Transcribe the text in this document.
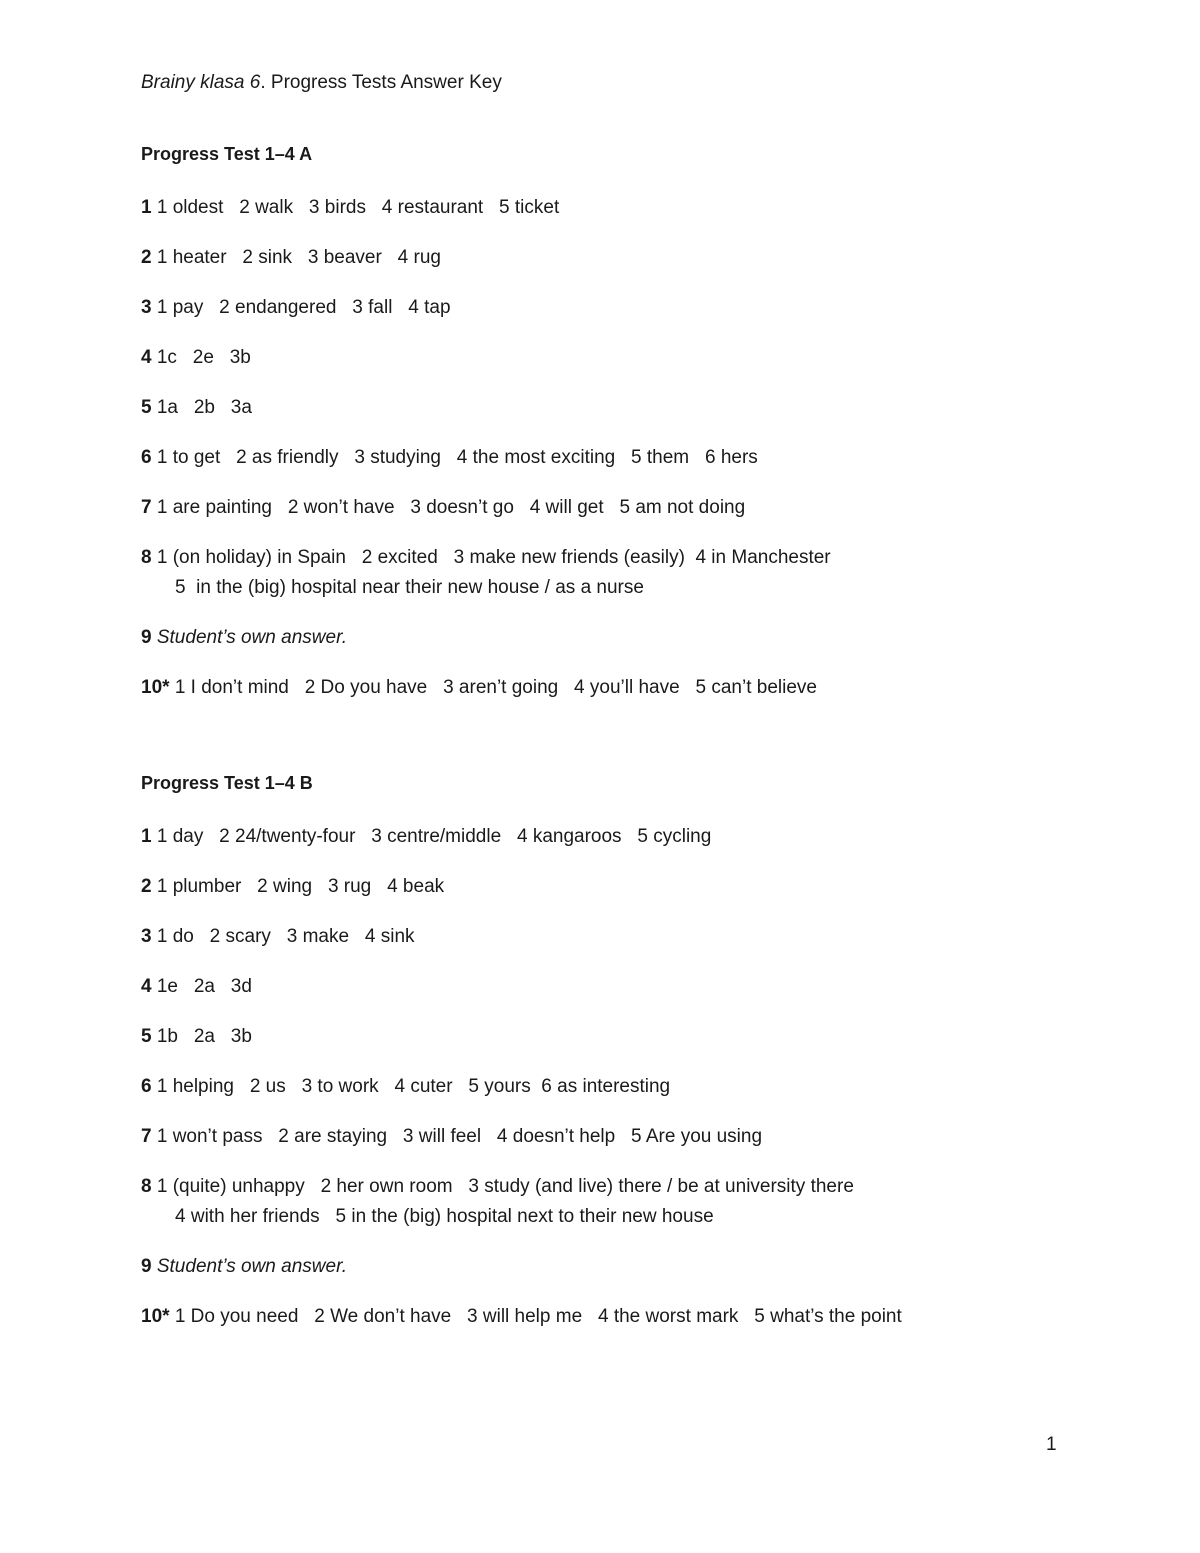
Brainy klasa 6. Progress Tests Answer Key
Progress Test 1–4 A
1 1 oldest   2 walk   3 birds   4 restaurant   5 ticket
2 1 heater   2 sink   3 beaver   4 rug
3 1 pay   2 endangered   3 fall   4 tap
4 1c   2e   3b
5 1a   2b   3a
6 1 to get   2 as friendly   3 studying   4 the most exciting   5 them   6 hers
7 1 are painting   2 won’t have   3 doesn’t go   4 will get   5 am not doing
8 1 (on holiday) in Spain   2 excited   3 make new friends (easily)  4 in Manchester
5  in the (big) hospital near their new house / as a nurse
9 Student’s own answer.
10* 1 I don’t mind   2 Do you have   3 aren’t going   4 you’ll have   5 can’t believe
Progress Test 1–4 B
1 1 day   2 24/twenty-four   3 centre/middle   4 kangaroos   5 cycling
2 1 plumber   2 wing   3 rug   4 beak
3 1 do   2 scary   3 make   4 sink
4 1e   2a   3d
5 1b   2a   3b
6 1 helping   2 us   3 to work   4 cuter   5 yours  6 as interesting
7 1 won’t pass   2 are staying   3 will feel   4 doesn’t help   5 Are you using
8 1 (quite) unhappy   2 her own room   3 study (and live) there / be at university there
4 with her friends   5 in the (big) hospital next to their new house
9 Student’s own answer.
10* 1 Do you need   2 We don’t have   3 will help me   4 the worst mark   5 what’s the point
1
